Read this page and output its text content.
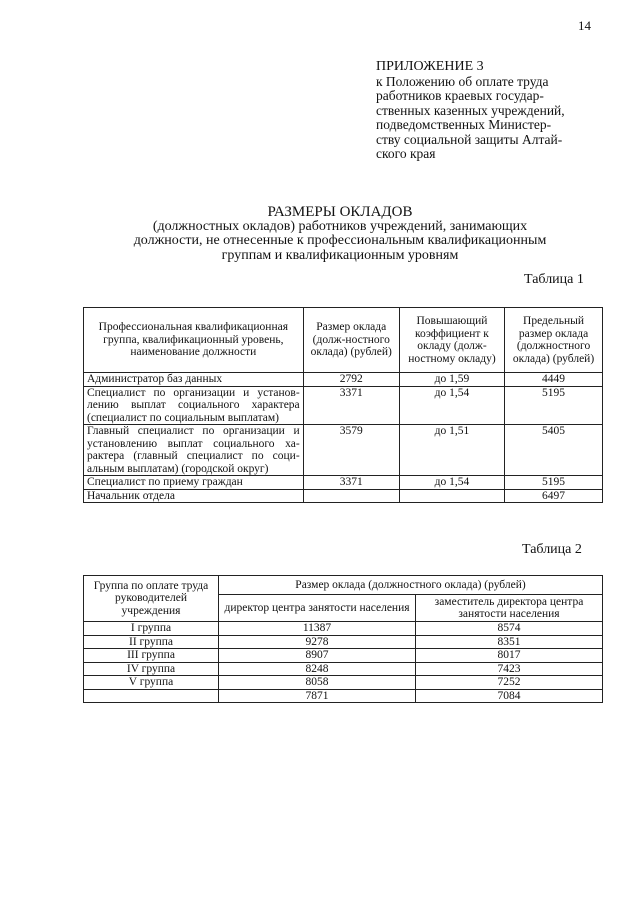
14
ПРИЛОЖЕНИЕ 3
к Положению об оплате труда
работников краевых государ-
ственных казенных учреждений,
подведомственных Министер-
ству социальной защиты Алтай-
ского края
РАЗМЕРЫ ОКЛАДОВ
(должностных окладов) работников учреждений, занимающих
должности, не отнесенные к профессиональным квалификационным
группам и квалификационным уровням
Таблица 1
Профессиональная квалификационная группа, квалификационный уровень, наименование должности	Размер оклада (долж-ностного оклада) (рублей)	Повышающий коэффициент к окладу (долж-ностному окладу)	Предельный размер оклада (должностного оклада) (рублей)
Администратор баз данных	2792	до 1,59	4449
Специалист по организации и установ-лению выплат социального характера (специалист по социальным выплатам)	3371	до 1,54	5195
Главный специалист по организации и установлению выплат социального ха-рактера (главный специалист по соци-альным выплатам) (городской округ)	3579	до 1,51	5405
Специалист по приему граждан	3371	до 1,54	5195
Начальник отдела			6497
Таблица 2
Группа по оплате труда руководителей учреждения	Размер оклада (должностного оклада) (рублей)	
	директор центра занятости населения	заместитель директора центра занятости населения
I группа	11387	8574
II группа	9278	8351
III группа	8907	8017
IV группа	8248	7423
V группа	8058	7252
	7871	7084
